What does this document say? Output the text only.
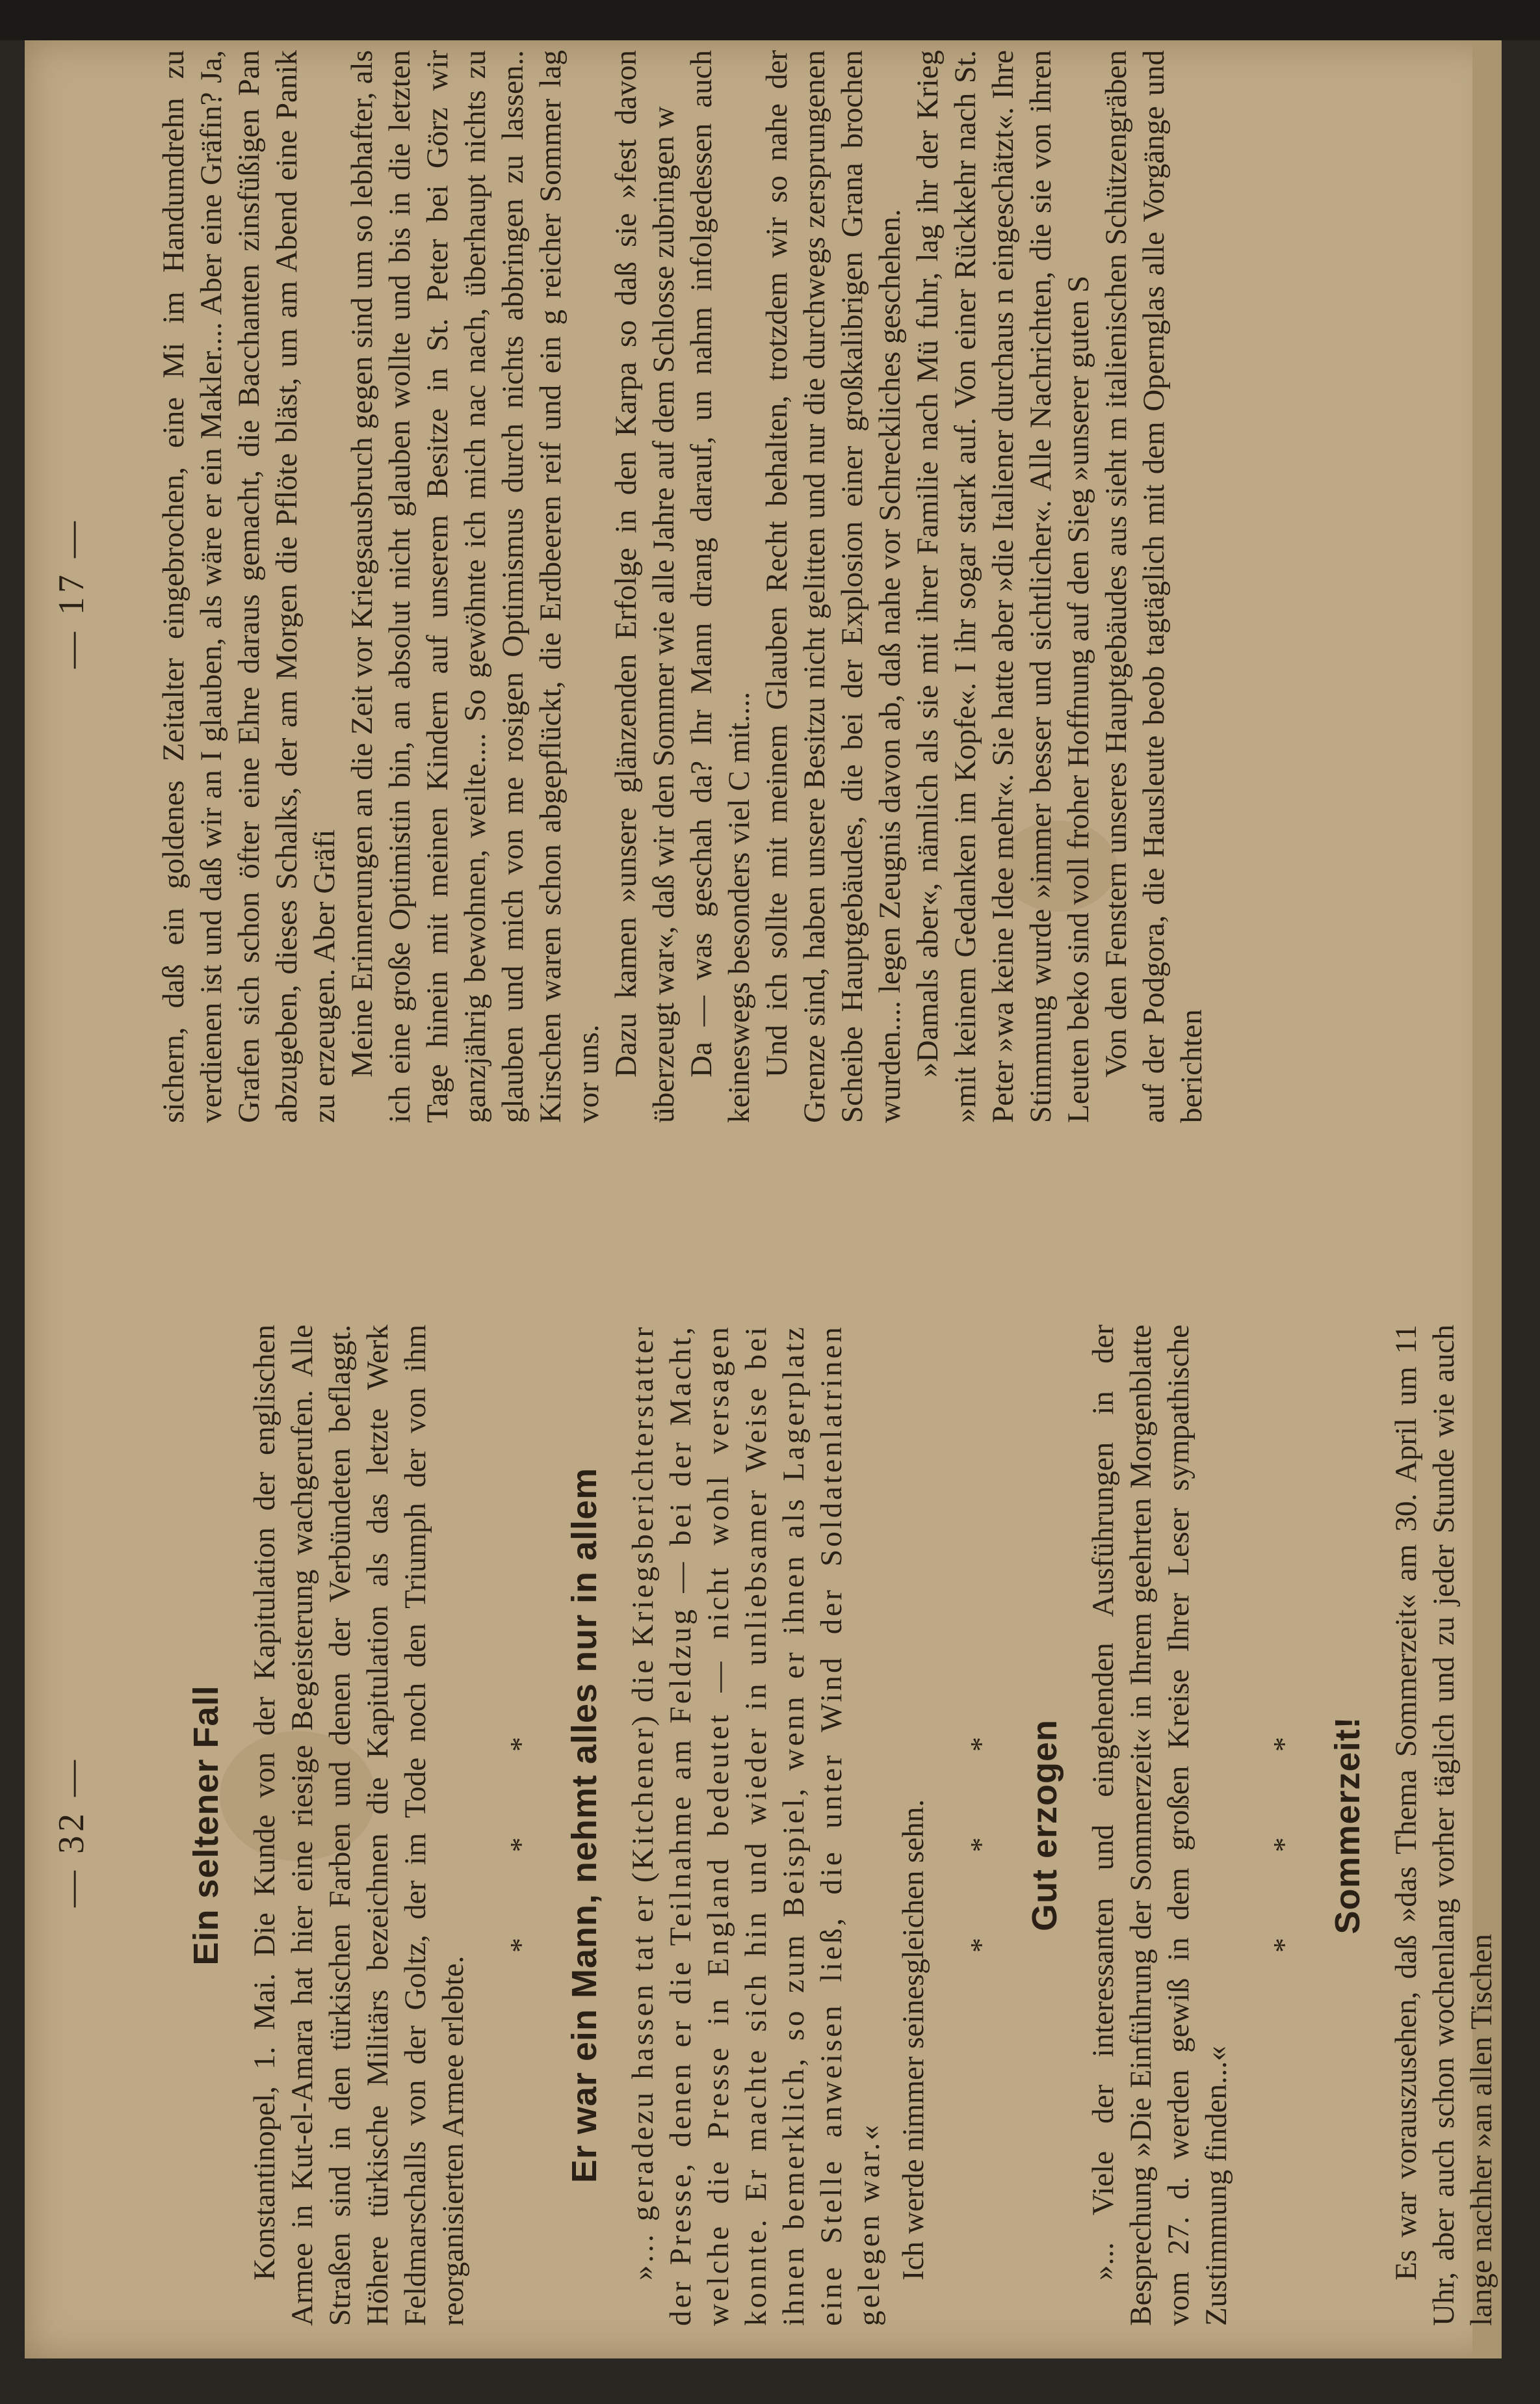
— 32 —	Ein seltener Fall Konstantinopel, 1. Mai. Die Kunde von der Kapitulation der englischen Armee in Kut-el-Amara hat hier eine riesige Begeisterung wachgerufen. Alle Straßen sind in den türkischen Farben und denen der Verbündeten beflaggt. Höhere türkische Militärs bezeichnen die Kapitulation als das letzte Werk Feldmarschalls von der Goltz, der im Tode noch den Triumph der von ihm reorganisierten Armee erlebte.

* * * Er war ein Mann, nehmt alles nur in allem »... geradezu hassen tat er (Kitchener) die Kriegsberichterstatter der Presse, denen er die Teilnahme am Feldzug — bei der Macht, welche die Presse in England bedeutet — nicht wohl versagen konnte. Er machte sich hin und wieder in unliebsamer Weise bei ihnen bemerklich, so zum Beispiel, wenn er ihnen als Lagerplatz eine Stelle anweisen ließ, die unter Wind der Soldatenlatrinen gelegen war.« Ich werde nimmer seinesgleichen sehn. * * * Gut erzogen »... Viele der interessanten und eingehenden Ausführungen in der Besprechung »Die Einführung der Sommerzeit« in Ihrem geehrten Morgenblatte vom 27. d. werden gewiß in dem großen Kreise Ihrer Leser sympathische Zustimmung finden...«

* * * Sommerzeit! Es war vorauszusehen, daß »das Thema Sommerzeit« am 30. April um 11 Uhr, aber auch schon wochenlang vorher täglich und zu jeder Stunde wie auch lange nachher »an allen Tischen

— 17 — sichern, daß ein goldenes Zeitalter eingebrochen, eine Mi im Handumdrehn zu verdienen ist und daß wir an I glauben, als wäre er ein Makler.... Aber eine Gräfin? Ja, Grafen sich schon öfter eine Ehre daraus gemacht, die Bacchanten zinsfüßigen Pan abzugeben, dieses Schalks, der am Morgen die Pflöte bläst, um am Abend eine Panik zu erzeugen. Aber Gräfi Meine Erinnerungen an die Zeit vor Kriegsausbruch gegen sind um so lebhafter, als ich eine große Optimistin bin, an absolut nicht glauben wollte und bis in die letzten Tage hinein mit meinen Kindern auf unserem Besitze in St. Peter bei Görz wir ganzjährig bewohnen, weilte.... So gewöhnte ich mich nac nach, überhaupt nichts zu glauben und mich von me rosigen Optimismus durch nichts abbringen zu lassen.. Kirschen waren schon abgepflückt, die Erdbeeren reif und ein g reicher Sommer lag vor uns. Dazu kamen »unsere glänzenden Erfolge in den Karpa so daß sie »fest davon überzeugt war«, daß wir den Sommer wie alle Jahre auf dem Schlosse zubringen w Da — was geschah da? Ihr Mann drang darauf, un nahm infolgedessen auch keineswegs besonders viel C mit.... Und ich sollte mit meinem Glauben Recht behalten, trotzdem wir so nahe der Grenze sind, haben unsere Besitzu nicht gelitten und nur die durchwegs zersprungenen Scheibe Hauptgebäudes, die bei der Explosion einer großkalibrigen Grana brochen wurden.... legen Zeugnis davon ab, daß nahe vor Schreckliches geschehen. »Damals aber«, nämlich als sie mit ihrer Familie nach Mü fuhr, lag ihr der Krieg »mit keinem Gedanken im Kopfe«. I ihr sogar stark auf. Von einer Rückkehr nach St. Peter »wa keine Idee mehr«. Sie hatte aber »die Italiener durchaus n eingeschätzt«. Ihre Stimmung wurde »immer besser und sichtlicher«. Alle Nachrichten, die sie von ihren Leuten beko sind voll froher Hoffnung auf den Sieg »unserer guten S Von den Fenstern unseres Hauptgebäudes aus sieht m italienischen Schützengräben auf der Podgora, die Hausleute beob tagtäglich mit dem Opernglas alle Vorgänge und berichten
